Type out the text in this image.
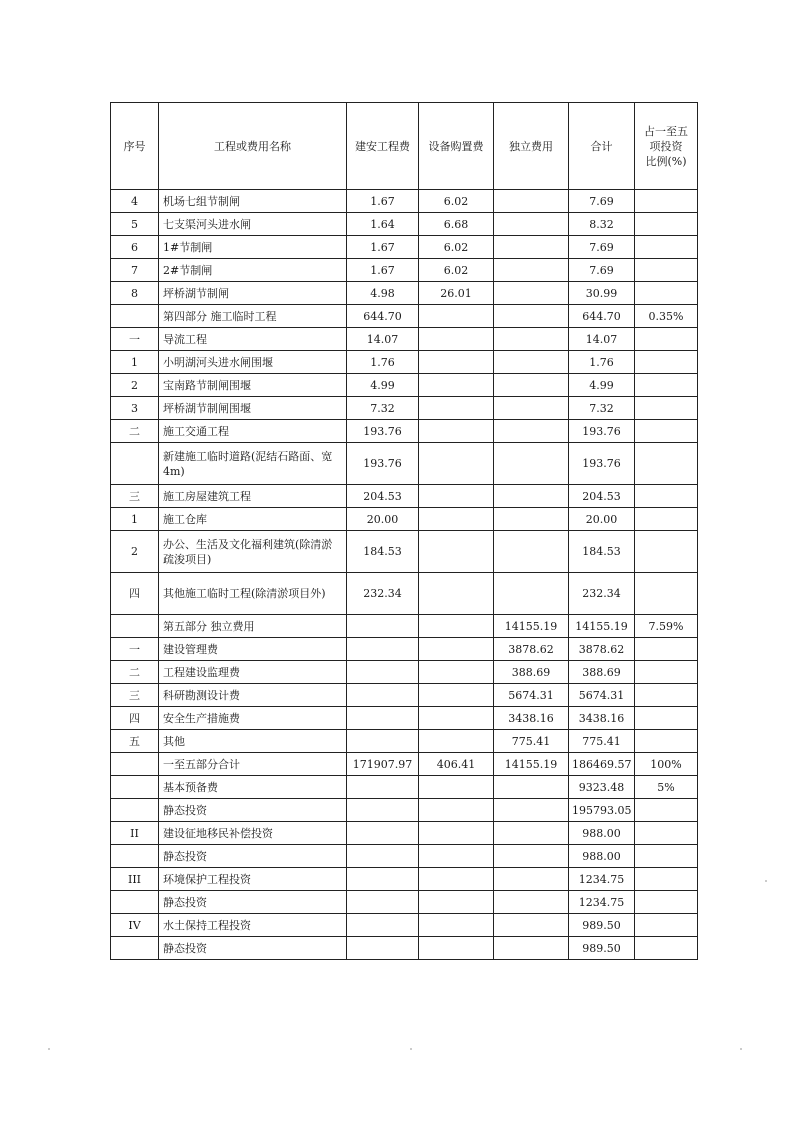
序号	工程或费用名称	建安工程费	设备购置费	独立费用	合计	占一至五
项投资
比例(%)

4	机场七组节制闸	1.67	6.02		7.69	
5	七支渠河头进水闸	1.64	6.68		8.32	
6	1#节制闸	1.67	6.02		7.69	
7	2#节制闸	1.67	6.02		7.69	
8	坪桥湖节制闸	4.98	26.01		30.99	
	第四部分 施工临时工程	644.70			644.70	0.35%
一	导流工程	14.07			14.07	
1	小明湖河头进水闸围堰	1.76			1.76	
2	宝南路节制闸围堰	4.99			4.99	
3	坪桥湖节制闸围堰	7.32			7.32	
二	施工交通工程	193.76			193.76	
	新建施工临时道路(泥结石路面、宽4m)	193.76			193.76	
三	施工房屋建筑工程	204.53			204.53	
1	施工仓库	20.00			20.00	
2	办公、生活及文化福利建筑(除清淤疏浚项目)	184.53			184.53	
四	其他施工临时工程(除清淤项目外)	232.34			232.34	
	第五部分 独立费用			14155.19	14155.19	7.59%
一	建设管理费			3878.62	3878.62	
二	工程建设监理费			388.69	388.69	
三	科研勘测设计费			5674.31	5674.31	
四	安全生产措施费			3438.16	3438.16	
五	其他			775.41	775.41	
	一至五部分合计	171907.97	406.41	14155.19	186469.57	100%
	基本预备费				9323.48	5%
	静态投资				195793.05	
II	建设征地移民补偿投资				988.00	
	静态投资				988.00	
III	环境保护工程投资				1234.75	
	静态投资				1234.75	
IV	水土保持工程投资				989.50	
	静态投资				989.50	
